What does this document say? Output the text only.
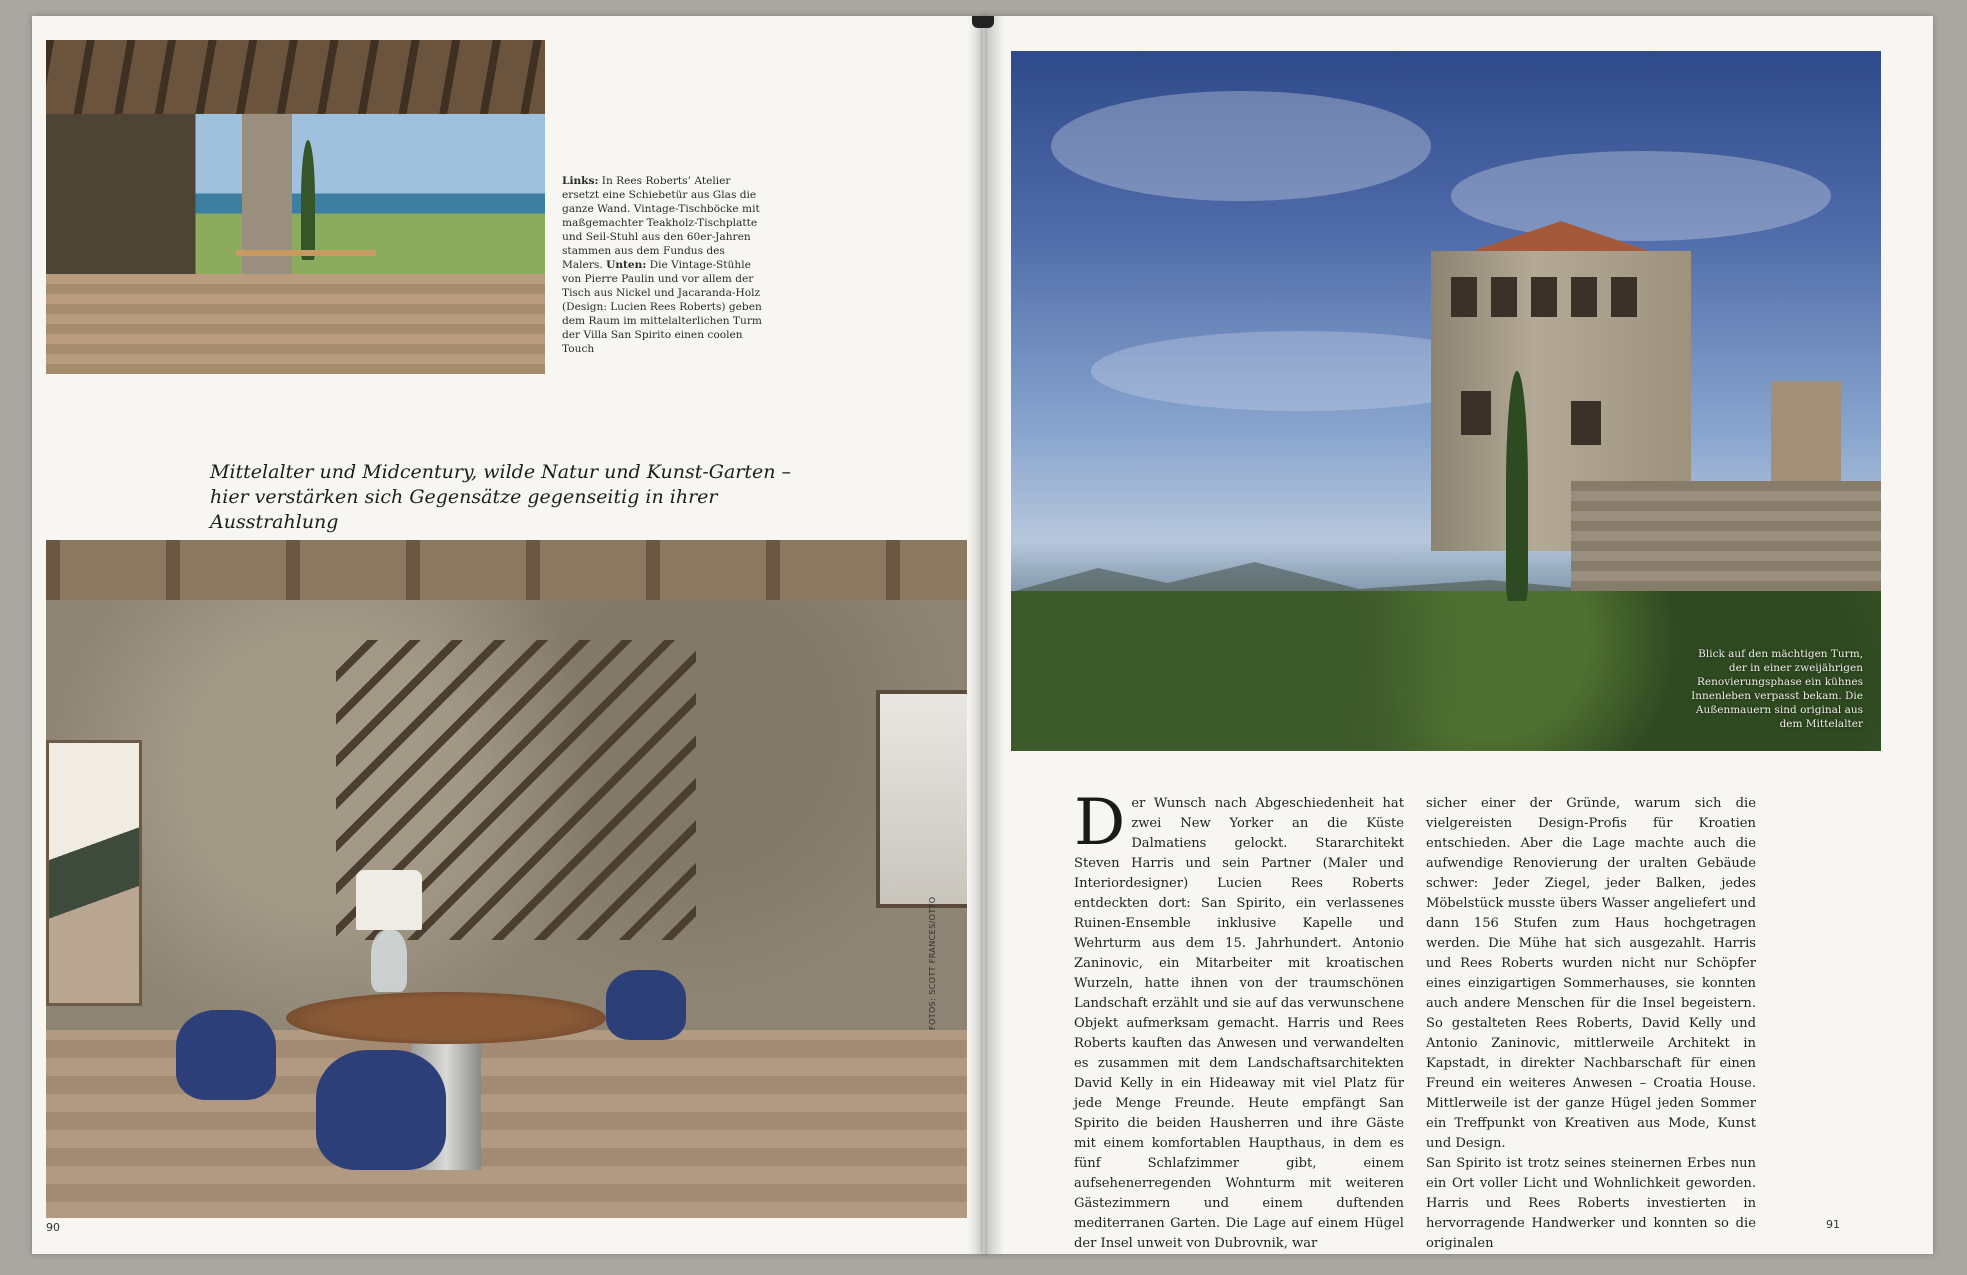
Links: In Rees Roberts’ Atelier ersetzt eine Schiebetür aus Glas die ganze Wand. Vintage-Tischböcke mit maßgemachter Teakholz-Tischplatte und Seil-Stuhl aus den 60er-Jahren stammen aus dem Fundus des Malers. Unten: Die Vintage-Stühle von Pierre Paulin und vor allem der Tisch aus Nickel und Jacaranda-Holz (Design: Lucien Rees Roberts) geben dem Raum im mittelalterlichen Turm der Villa San Spirito einen coolen Touch
Mittelalter und Midcentury, wilde Natur und Kunst-Garten –
hier verstärken sich Gegensätze gegenseitig in ihrer Ausstrahlung
FOTOS: SCOTT FRANCES/OTTO
90
Blick auf den mächtigen Turm, der in einer zweijährigen Renovierungsphase ein kühnes Innenleben verpasst bekam. Die Außenmauern sind original aus dem Mittelalter

Der Wunsch nach Abgeschiedenheit hat zwei New Yorker an die Küste Dalmatiens gelockt. Stararchitekt Steven Harris und sein Partner (Maler und Interiordesigner) Lucien Rees Roberts entdeckten dort: San Spirito, ein verlassenes Ruinen-Ensemble inklusive Kapelle und Wehrturm aus dem 15. Jahrhundert. Antonio Zaninovic, ein Mitarbeiter mit kroatischen Wurzeln, hatte ihnen von der traumschönen Landschaft erzählt und sie auf das verwunschene Objekt aufmerksam gemacht. Harris und Rees Roberts kauften das Anwesen und verwandelten es zusammen mit dem Landschaftsarchitekten David Kelly in ein Hideaway mit viel Platz für jede Menge Freunde. Heute empfängt San Spirito die beiden Hausherren und ihre Gäste mit einem komfortablen Haupthaus, in dem es fünf Schlafzimmer gibt, einem aufsehenerregenden Wohnturm mit weiteren Gästezimmern und einem duftenden mediterranen Garten. Die Lage auf einem Hügel der Insel unweit von Dubrovnik, war

sicher einer der Gründe, warum sich die vielgereisten Design-Profis für Kroatien entschieden. Aber die Lage machte auch die aufwendige Renovierung der uralten Gebäude schwer: Jeder Ziegel, jeder Balken, jedes Möbelstück musste übers Wasser angeliefert und dann 156 Stufen zum Haus hochgetragen werden. Die Mühe hat sich ausgezahlt. Harris und Rees Roberts wurden nicht nur Schöpfer eines einzigartigen Sommerhauses, sie konnten auch andere Menschen für die Insel begeistern. So gestalteten Rees Roberts, David Kelly und Antonio Zaninovic, mittlerweile Architekt in Kapstadt, in direkter Nachbarschaft für einen Freund ein weiteres Anwesen – Croatia House. Mittlerweile ist der ganze Hügel jeden Sommer ein Treffpunkt von Kreativen aus Mode, Kunst und Design.

San Spirito ist trotz seines steinernen Erbes nun ein Ort voller Licht und Wohnlichkeit geworden. Harris und Rees Roberts investierten in hervorragende Handwerker und konnten so die originalen

91
